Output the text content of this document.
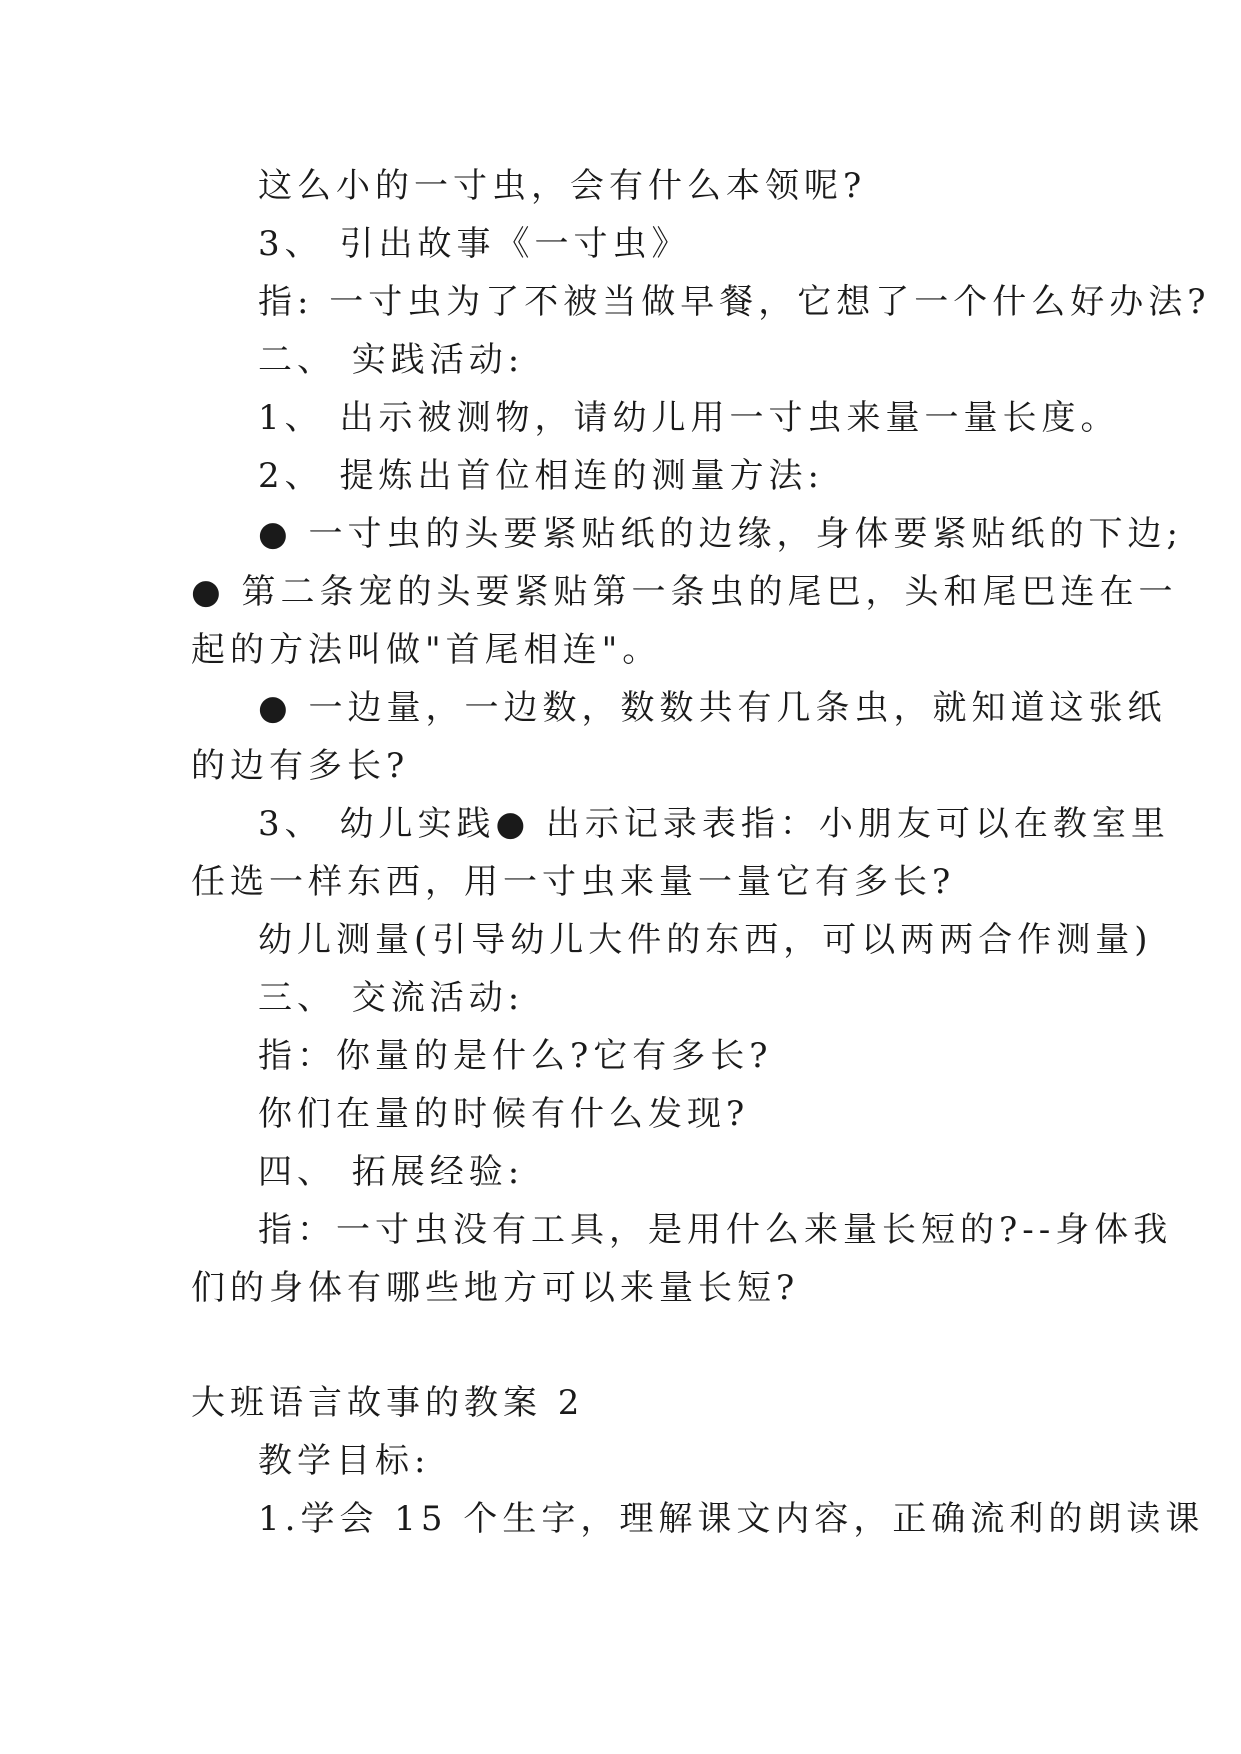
这么小的一寸虫，会有什么本领呢?
3、 引出故事《一寸虫》
指: 一寸虫为了不被当做早餐，它想了一个什么好办法?
二、 实践活动:
1、 出示被测物，请幼儿用一寸虫来量一量长度。
2、 提炼出首位相连的测量方法:
● 一寸虫的头要紧贴纸的边缘，身体要紧贴纸的下边;
● 第二条宠的头要紧贴第一条虫的尾巴，头和尾巴连在一
起的方法叫做"首尾相连"。
● 一边量，一边数，数数共有几条虫，就知道这张纸
的边有多长?
3、 幼儿实践● 出示记录表指：小朋友可以在教室里
任选一样东西，用一寸虫来量一量它有多长?
幼儿测量(引导幼儿大件的东西，可以两两合作测量)
三、 交流活动:
指：你量的是什么?它有多长?
你们在量的时候有什么发现?
四、 拓展经验:
指：一寸虫没有工具，是用什么来量长短的?--身体我
们的身体有哪些地方可以来量长短?
大班语言故事的教案 2
教学目标:
1.学会 15 个生字，理解课文内容，正确流利的朗读课
